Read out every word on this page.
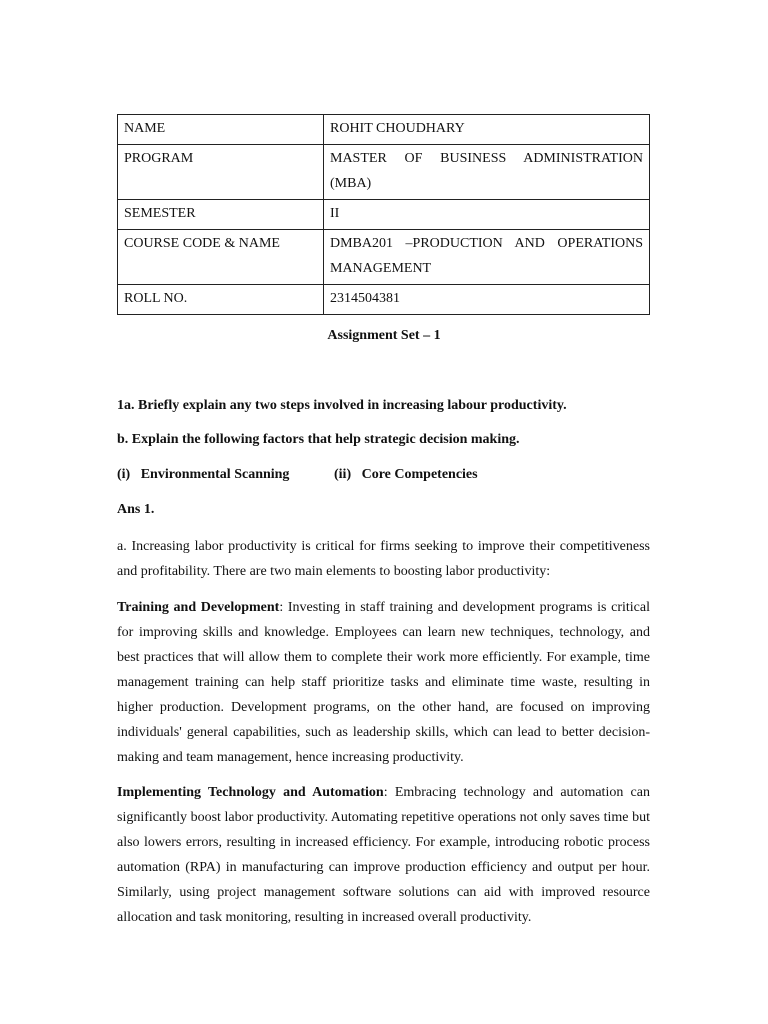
NAME	ROHIT CHOUDHARY
PROGRAM	MASTER OF BUSINESS ADMINISTRATION (MBA)
SEMESTER	II
COURSE CODE & NAME	DMBA201 –PRODUCTION AND OPERATIONS MANAGEMENT
ROLL NO.	2314504381
Assignment Set – 1
1a. Briefly explain any two steps involved in increasing labour productivity.
b. Explain the following factors that help strategic decision making.
(i)   Environmental Scanning	(ii)   Core Competencies
Ans 1.
a. Increasing labor productivity is critical for firms seeking to improve their competitiveness and profitability. There are two main elements to boosting labor productivity:
Training and Development: Investing in staff training and development programs is critical for improving skills and knowledge. Employees can learn new techniques, technology, and best practices that will allow them to complete their work more efficiently. For example, time management training can help staff prioritize tasks and eliminate time waste, resulting in higher production. Development programs, on the other hand, are focused on improving individuals' general capabilities, such as leadership skills, which can lead to better decision-making and team management, hence increasing productivity.
Implementing Technology and Automation: Embracing technology and automation can significantly boost labor productivity. Automating repetitive operations not only saves time but also lowers errors, resulting in increased efficiency. For example, introducing robotic process automation (RPA) in manufacturing can improve production efficiency and output per hour. Similarly, using project management software solutions can aid with improved resource allocation and task monitoring, resulting in increased overall productivity.
